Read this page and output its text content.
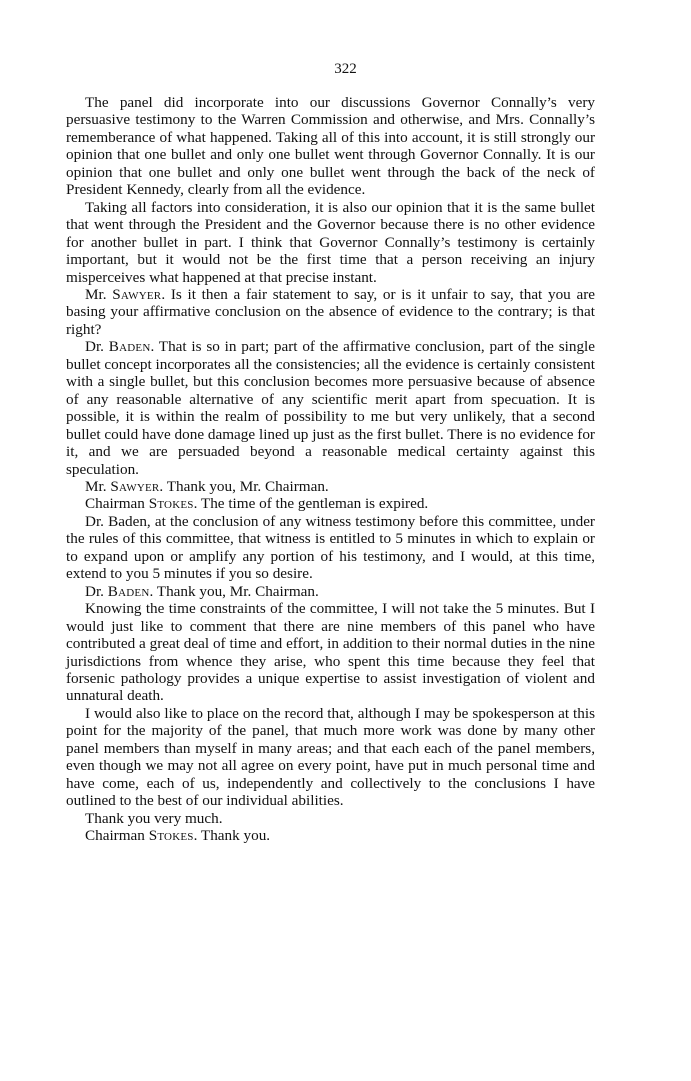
322

The panel did incorporate into our discussions Governor Connally’s very persuasive testimony to the Warren Commission and otherwise, and Mrs. Connally’s rememberance of what happened. Taking all of this into account, it is still strongly our opinion that one bullet and only one bullet went through Governor Connally. It is our opinion that one bullet and only one bullet went through the back of the neck of President Kennedy, clearly from all the evidence.

Taking all factors into consideration, it is also our opinion that it is the same bullet that went through the President and the Governor because there is no other evidence for another bullet in part. I think that Governor Connally’s testimony is certainly important, but it would not be the first time that a person receiving an injury misperceives what happened at that precise instant.

Mr. Sawyer. Is it then a fair statement to say, or is it unfair to say, that you are basing your affirmative conclusion on the absence of evidence to the contrary; is that right?

Dr. Baden. That is so in part; part of the affirmative conclusion, part of the single bullet concept incorporates all the consistencies; all the evidence is certainly consistent with a single bullet, but this conclusion becomes more persuasive because of absence of any reasonable alternative of any scientific merit apart from specuation. It is possible, it is within the realm of possibility to me but very unlikely, that a second bullet could have done damage lined up just as the first bullet. There is no evidence for it, and we are persuaded beyond a reasonable medical certainty against this speculation.

Mr. Sawyer. Thank you, Mr. Chairman.

Chairman Stokes. The time of the gentleman is expired.

Dr. Baden, at the conclusion of any witness testimony before this committee, under the rules of this committee, that witness is entitled to 5 minutes in which to explain or to expand upon or amplify any portion of his testimony, and I would, at this time, extend to you 5 minutes if you so desire.

Dr. Baden. Thank you, Mr. Chairman.

Knowing the time constraints of the committee, I will not take the 5 minutes. But I would just like to comment that there are nine members of this panel who have contributed a great deal of time and effort, in addition to their normal duties in the nine jurisdictions from whence they arise, who spent this time because they feel that forsenic pathology provides a unique expertise to assist investigation of violent and unnatural death.

I would also like to place on the record that, although I may be spokesperson at this point for the majority of the panel, that much more work was done by many other panel members than myself in many areas; and that each each of the panel members, even though we may not all agree on every point, have put in much personal time and have come, each of us, independently and collectively to the conclusions I have outlined to the best of our individual abilities.

Thank you very much.

Chairman Stokes. Thank you.
